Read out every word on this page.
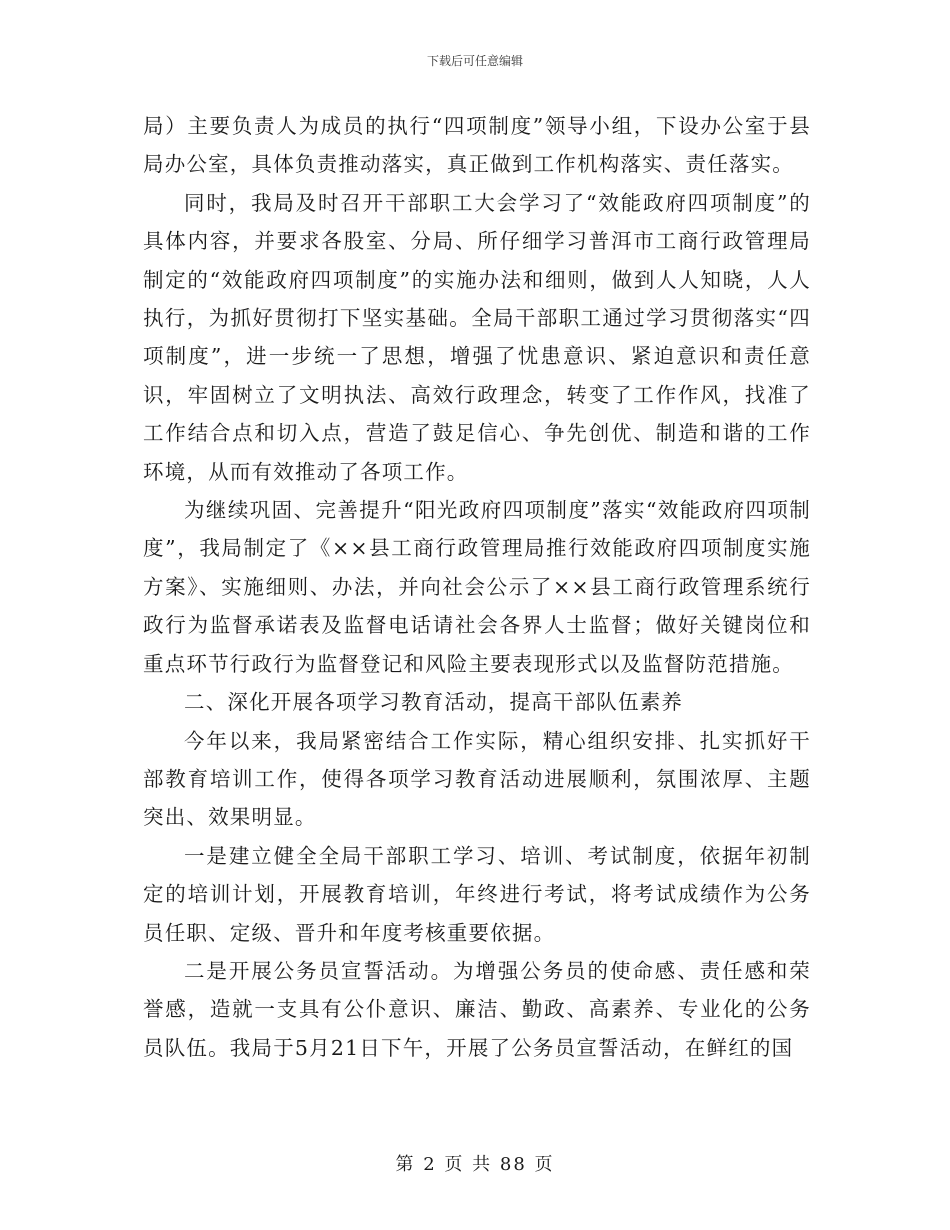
下载后可任意编辑

局）主要负责人为成员的执行“四项制度”领导小组，下设办公室于县局办公室，具体负责推动落实，真正做到工作机构落实、责任落实。

同时，我局及时召开干部职工大会学习了“效能政府四项制度”的具体内容，并要求各股室、分局、所仔细学习普洱市工商行政管理局制定的“效能政府四项制度”的实施办法和细则，做到人人知晓，人人执行，为抓好贯彻打下坚实基础。全局干部职工通过学习贯彻落实“四项制度”，进一步统一了思想，增强了忧患意识、紧迫意识和责任意识，牢固树立了文明执法、高效行政理念，转变了工作作风，找准了工作结合点和切入点，营造了鼓足信心、争先创优、制造和谐的工作环境，从而有效推动了各项工作。

为继续巩固、完善提升“阳光政府四项制度”落实“效能政府四项制度”，我局制定了《××县工商行政管理局推行效能政府四项制度实施方案》、实施细则、办法，并向社会公示了××县工商行政管理系统行政行为监督承诺表及监督电话请社会各界人士监督；做好关键岗位和重点环节行政行为监督登记和风险主要表现形式以及监督防范措施。

二、深化开展各项学习教育活动，提高干部队伍素养

今年以来，我局紧密结合工作实际，精心组织安排、扎实抓好干部教育培训工作，使得各项学习教育活动进展顺利，氛围浓厚、主题突出、效果明显。

一是建立健全全局干部职工学习、培训、考试制度，依据年初制定的培训计划，开展教育培训，年终进行考试，将考试成绩作为公务员任职、定级、晋升和年度考核重要依据。

二是开展公务员宣誓活动。为增强公务员的使命感、责任感和荣誉感，造就一支具有公仆意识、廉洁、勤政、高素养、专业化的公务员队伍。我局于5月21日下午，开展了公务员宣誓活动，在鲜红的国

第 2 页 共 88 页
